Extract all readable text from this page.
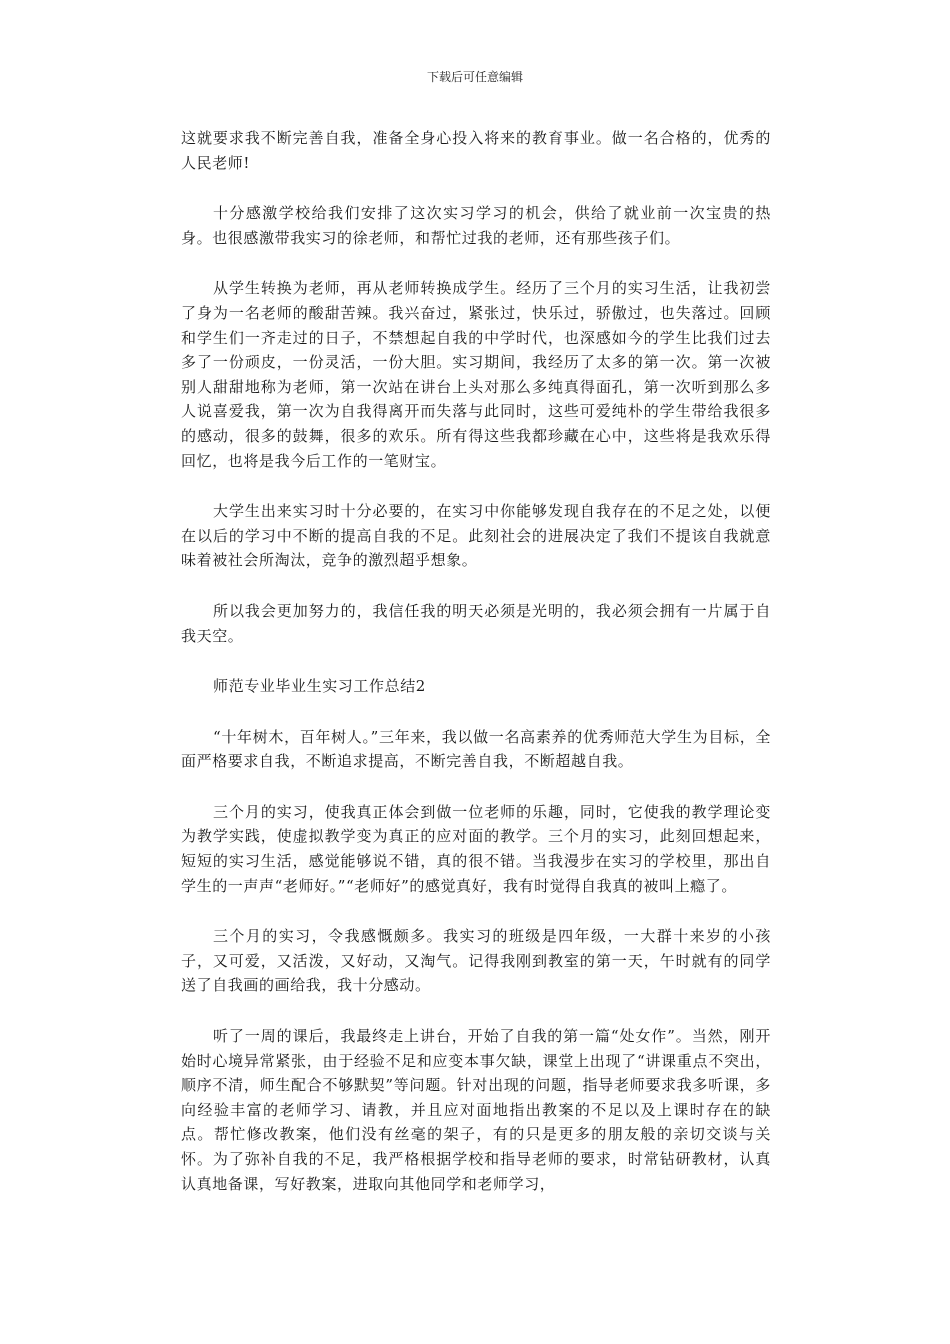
下载后可任意编辑

这就要求我不断完善自我，准备全身心投入将来的教育事业。做一名合格的，优秀的人民老师!

十分感激学校给我们安排了这次实习学习的机会，供给了就业前一次宝贵的热身。也很感激带我实习的徐老师，和帮忙过我的老师，还有那些孩子们。

从学生转换为老师，再从老师转换成学生。经历了三个月的实习生活，让我初尝了身为一名老师的酸甜苦辣。我兴奋过，紧张过，快乐过，骄傲过，也失落过。回顾和学生们一齐走过的日子，不禁想起自我的中学时代，也深感如今的学生比我们过去多了一份顽皮，一份灵活，一份大胆。实习期间，我经历了太多的第一次。第一次被别人甜甜地称为老师，第一次站在讲台上头对那么多纯真得面孔，第一次听到那么多人说喜爱我，第一次为自我得离开而失落与此同时，这些可爱纯朴的学生带给我很多的感动，很多的鼓舞，很多的欢乐。所有得这些我都珍藏在心中，这些将是我欢乐得回忆，也将是我今后工作的一笔财宝。

大学生出来实习时十分必要的，在实习中你能够发现自我存在的不足之处，以便在以后的学习中不断的提高自我的不足。此刻社会的进展决定了我们不提该自我就意味着被社会所淘汰，竞争的激烈超乎想象。

所以我会更加努力的，我信任我的明天必须是光明的，我必须会拥有一片属于自我天空。

师范专业毕业生实习工作总结2

“十年树木，百年树人。”三年来，我以做一名高素养的优秀师范大学生为目标，全面严格要求自我，不断追求提高，不断完善自我，不断超越自我。

三个月的实习，使我真正体会到做一位老师的乐趣，同时，它使我的教学理论变为教学实践，使虚拟教学变为真正的应对面的教学。三个月的实习，此刻回想起来，短短的实习生活，感觉能够说不错，真的很不错。当我漫步在实习的学校里，那出自学生的一声声“老师好。”“老师好”的感觉真好，我有时觉得自我真的被叫上瘾了。

三个月的实习，令我感慨颇多。我实习的班级是四年级，一大群十来岁的小孩子，又可爱，又活泼，又好动，又淘气。记得我刚到教室的第一天，午时就有的同学送了自我画的画给我，我十分感动。

听了一周的课后，我最终走上讲台，开始了自我的第一篇“处女作”。当然，刚开始时心境异常紧张，由于经验不足和应变本事欠缺，课堂上出现了“讲课重点不突出，顺序不清，师生配合不够默契”等问题。针对出现的问题，指导老师要求我多听课，多向经验丰富的老师学习、请教，并且应对面地指出教案的不足以及上课时存在的缺点。帮忙修改教案，他们没有丝毫的架子，有的只是更多的朋友般的亲切交谈与关怀。为了弥补自我的不足，我严格根据学校和指导老师的要求，时常钻研教材，认真认真地备课，写好教案，进取向其他同学和老师学习，
